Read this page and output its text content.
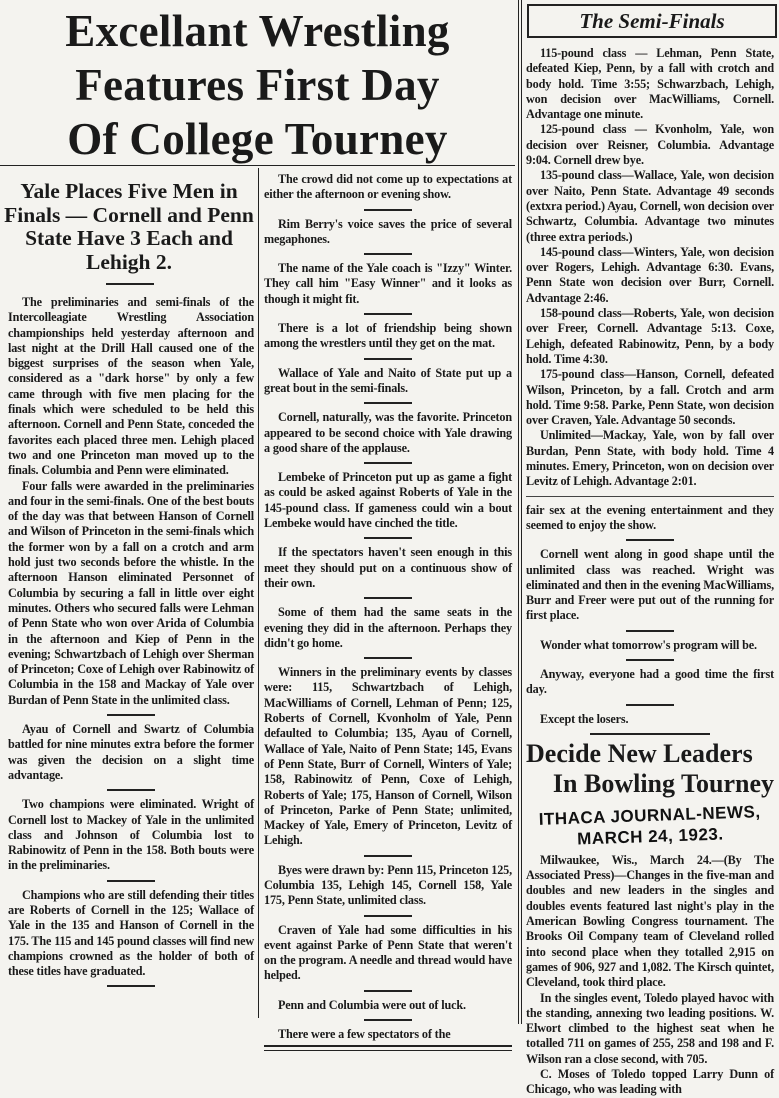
Excellant Wrestling
Features First Day
Of College Tourney
Yale Places Five Men in Finals — Cornell and Penn State Have 3 Each and Lehigh 2.

The preliminaries and semi-finals of the Intercolleagiate Wrestling Association championships held yesterday afternoon and last night at the Drill Hall caused one of the biggest surprises of the season when Yale, considered as a "dark horse" by only a few came through with five men placing for the finals which were scheduled to be held this afternoon. Cornell and Penn State, conceded the favorites each placed three men. Lehigh placed two and one Princeton man moved up to the finals. Columbia and Penn were eliminated.

Four falls were awarded in the preliminaries and four in the semi-finals. One of the best bouts of the day was that between Hanson of Cornell and Wilson of Princeton in the semi-finals which the former won by a fall on a crotch and arm hold just two seconds before the whistle. In the afternoon Hanson eliminated Personnet of Columbia by securing a fall in little over eight minutes. Others who secured falls were Lehman of Penn State who won over Arida of Columbia in the afternoon and Kiep of Penn in the evening; Schwartzbach of Lehigh over Sherman of Princeton; Coxe of Lehigh over Rabinowitz of Columbia in the 158 and Mackay of Yale over Burdan of Penn State in the unlimited class.

Ayau of Cornell and Swartz of Columbia battled for nine minutes extra before the former was given the decision on a slight time advantage.

Two champions were eliminated. Wright of Cornell lost to Mackey of Yale in the unlimited class and Johnson of Columbia lost to Rabinowitz of Penn in the 158. Both bouts were in the preliminaries.

Champions who are still defending their titles are Roberts of Cornell in the 125; Wallace of Yale in the 135 and Hanson of Cornell in the 175. The 115 and 145 pound classes will find new champions crowned as the holder of both of these titles have graduated.

The crowd did not come up to expectations at either the afternoon or evening show.

Rim Berry's voice saves the price of several megaphones.

The name of the Yale coach is "Izzy" Winter. They call him "Easy Winner" and it looks as though it might fit.

There is a lot of friendship being shown among the wrestlers until they get on the mat.

Wallace of Yale and Naito of State put up a great bout in the semi-finals.

Cornell, naturally, was the favorite. Princeton appeared to be second choice with Yale drawing a good share of the applause.

Lembeke of Princeton put up as game a fight as could be asked against Roberts of Yale in the 145-pound class. If gameness could win a bout Lembeke would have cinched the title.

If the spectators haven't seen enough in this meet they should put on a continuous show of their own.

Some of them had the same seats in the evening they did in the afternoon. Perhaps they didn't go home.

Winners in the preliminary events by classes were: 115, Schwartzbach of Lehigh, MacWilliams of Cornell, Lehman of Penn; 125, Roberts of Cornell, Kvonholm of Yale, Penn defaulted to Columbia; 135, Ayau of Cornell, Wallace of Yale, Naito of Penn State; 145, Evans of Penn State, Burr of Cornell, Winters of Yale; 158, Rabinowitz of Penn, Coxe of Lehigh, Roberts of Yale; 175, Hanson of Cornell, Wilson of Princeton, Parke of Penn State; unlimited, Mackey of Yale, Emery of Princeton, Levitz of Lehigh.

Byes were drawn by: Penn 115, Princeton 125, Columbia 135, Lehigh 145, Cornell 158, Yale 175, Penn State, unlimited class.

Craven of Yale had some difficulties in his event against Parke of Penn State that weren't on the program. A needle and thread would have helped.

Penn and Columbia were out of luck.

There were a few spectators of the

The Semi-Finals

115-pound class — Lehman, Penn State, defeated Kiep, Penn, by a fall with crotch and body hold. Time 3:55; Schwarzbach, Lehigh, won decision over MacWilliams, Cornell. Advantage one minute.

125-pound class — Kvonholm, Yale, won decision over Reisner, Columbia. Advantage 9:04. Cornell drew bye.

135-pound class—Wallace, Yale, won decision over Naito, Penn State. Advantage 49 seconds (extxra period.) Ayau, Cornell, won decision over Schwartz, Columbia. Advantage two minutes (three extra periods.)

145-pound class—Winters, Yale, won decision over Rogers, Lehigh. Advantage 6:30. Evans, Penn State won decision over Burr, Cornell. Advantage 2:46.

158-pound class—Roberts, Yale, won decision over Freer, Cornell. Advantage 5:13. Coxe, Lehigh, defeated Rabinowitz, Penn, by a body hold. Time 4:30.

175-pound class—Hanson, Cornell, defeated Wilson, Princeton, by a fall. Crotch and arm hold. Time 9:58. Parke, Penn State, won decision over Craven, Yale. Advantage 50 seconds.

Unlimited—Mackay, Yale, won by fall over Burdan, Penn State, with body hold. Time 4 minutes. Emery, Princeton, won on decision over Levitz of Lehigh. Advantage 2:01.

fair sex at the evening entertainment and they seemed to enjoy the show.

Cornell went along in good shape until the unlimited class was reached. Wright was eliminated and then in the evening MacWilliams, Burr and Freer were put out of the running for first place.

Wonder what tomorrow's program will be.

Anyway, everyone had a good time the first day.

Except the losers.

Decide New Leaders
In Bowling Tourney
ITHACA JOURNAL-NEWS,
MARCH 24, 1923.

Milwaukee, Wis., March 24.—(By The Associated Press)—Changes in the five-man and doubles and new leaders in the singles and doubles events featured last night's play in the American Bowling Congress tournament. The Brooks Oil Company team of Cleveland rolled into second place when they totalled 2,915 on games of 906, 927 and 1,082. The Kirsch quintet, Cleveland, took third place.

In the singles event, Toledo played havoc with the standing, annexing two leading positions. W. Elwort climbed to the highest seat when he totalled 711 on games of 255, 258 and 198 and F. Wilson ran a close second, with 705.

C. Moses of Toledo topped Larry Dunn of Chicago, who was leading with
